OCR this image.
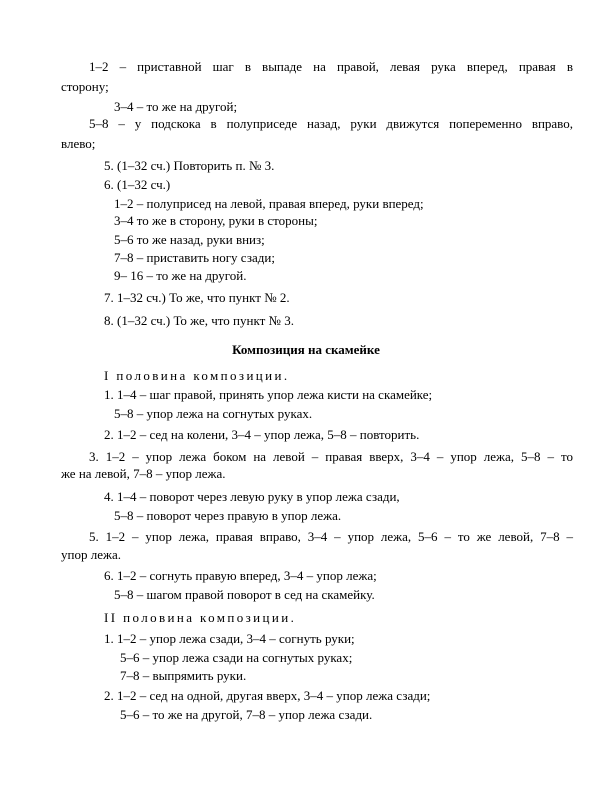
1–2 – приставной шаг в выпаде на правой, левая рука вперед, правая в
сторону;
3–4 – то же на другой;
5–8 – у подскока в полуприседе назад, руки движутся попеременно вправо,
влево;
5. (1–32 сч.) Повторить п. № 3.
6. (1–32 сч.)
1–2 – полуприсед на левой, правая вперед, руки вперед;
3–4 то же в сторону, руки в стороны;
5–6 то же назад, руки вниз;
7–8 – приставить ногу сзади;
9– 16 – то же на другой.
7. 1–32 сч.) То же, что пункт № 2.
8. (1–32 сч.) То же, что пункт № 3.
Композиция на скамейке
I половина композиции.
1. 1–4 – шаг правой, принять упор лежа кисти на скамейке;
5–8 – упор лежа на согнутых руках.
2. 1–2 – сед на колени, 3–4 – упор лежа, 5–8 – повторить.
3. 1–2 – упор лежа боком на левой – правая вверх, 3–4 – упор лежа, 5–8 – то
же на левой, 7–8 – упор лежа.
4. 1–4 – поворот через левую руку в упор лежа сзади,
5–8 – поворот через правую в упор лежа.
5. 1–2 – упор лежа, правая вправо, 3–4 – упор лежа, 5–6 – то же левой, 7–8 –
упор лежа.
6. 1–2 – согнуть правую вперед, 3–4 – упор лежа;
5–8 – шагом правой поворот в сед на скамейку.
II половина композиции.
1. 1–2 – упор лежа сзади, 3–4 – согнуть руки;
5–6 – упор лежа сзади на согнутых руках;
7–8 – выпрямить руки.
2. 1–2 – сед на одной, другая вверх, 3–4 – упор лежа сзади;
5–6 – то же на другой, 7–8 – упор лежа сзади.
